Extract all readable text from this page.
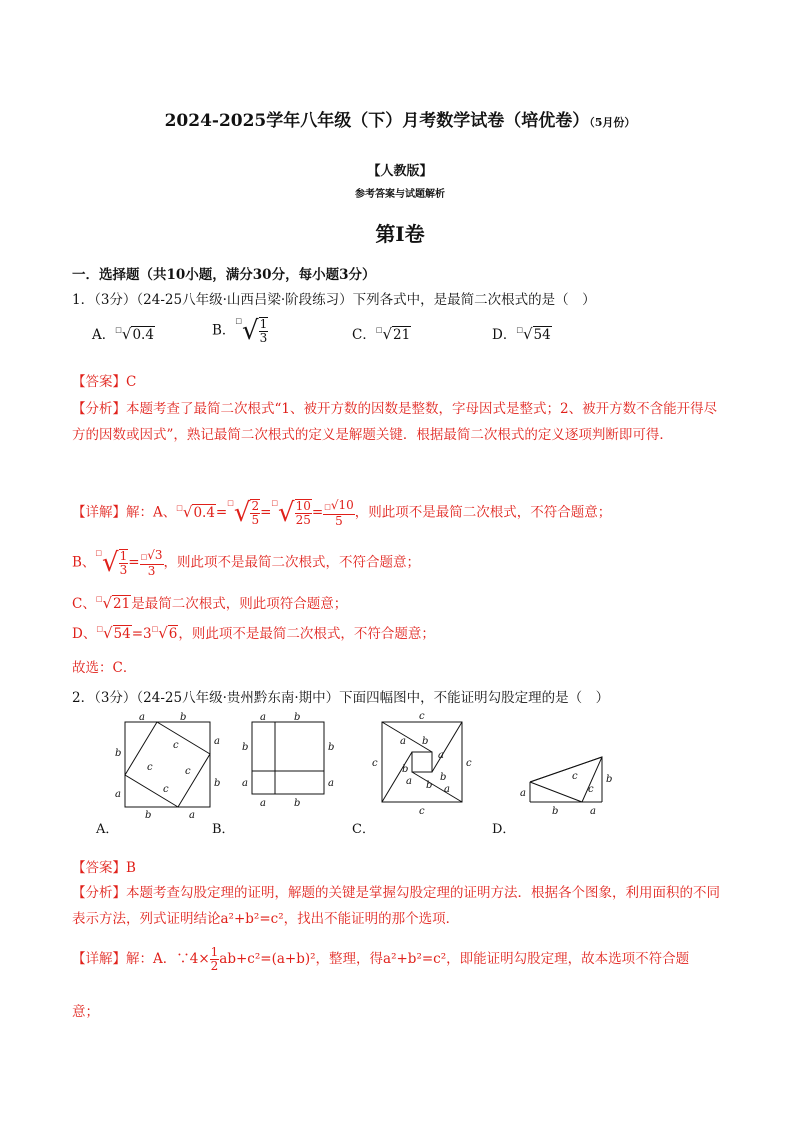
2024-2025学年八年级（下）月考数学试卷（培优卷）（5月份）
【人教版】
参考答案与试题解析
第Ⅰ卷
一．选择题（共10小题，满分30分，每小题3分）
1．（3分）（24-25八年级·山西吕梁·阶段练习）下列各式中，是最简二次根式的是（　）
A．□√0.4	B．
□ √ $\frac{1}{3}$	C．□√21	D．□√54
【答案】C
【分析】本题考查了最简二次根式“1、被开方数的因数是整数，字母因式是整式；2、被开方数不含能开得尽方的因数或因式”，熟记最简二次根式的定义是解题关键．根据最简二次根式的定义逐项判断即可得．
【详解】解：A、□√0.4=
□ √ $\frac{2}{5}$ =
□ √ $\frac{10}{25} = \frac{□√10}{5}$ ，则此项不是最简二次根式，不符合题意；
B、
□ √ $\frac{1}{3} = \frac{□√3}{3}$ ，则此项不是最简二次根式，不符合题意；
C、□√21是最简二次根式，则此项符合题意；
D、□√54=3□√6，则此项不是最简二次根式，不符合题意；
故选：C．
2．（3分）（24-25八年级·贵州黔东南·期中）下面四幅图中，不能证明勾股定理的是（　）
a	b
a
b
b
a
b	a
c
c	c
c
a	b
b
a
b
a
a	b
c
c
c	c
a b
a
b
b
a b a	a
b	a
b
c
c
A．	B．	C．	D．
【答案】B
【分析】本题考查勾股定理的证明，解题的关键是掌握勾股定理的证明方法．根据各个图象，利用面积的不同表示方法，列式证明结论a²+b²=c²，找出不能证明的那个选项．
【详解】解：A．∵4× $\frac{1}{2} ab+c^2=(a+b)^2$，整理，得a²+b²=c²，即能证明勾股定理，故本选项不符合题
意；
